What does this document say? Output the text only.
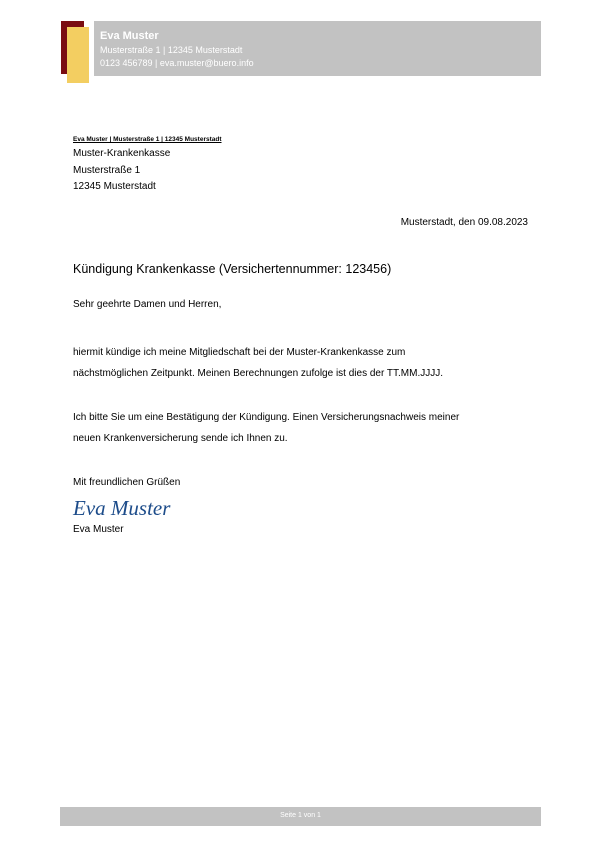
Eva Muster
Musterstraße 1 | 12345 Musterstadt
0123 456789 | eva.muster@buero.info
Eva Muster | Musterstraße 1 | 12345 Musterstadt
Muster-Krankenkasse
Musterstraße 1
12345 Musterstadt
Musterstadt, den 09.08.2023
Kündigung Krankenkasse (Versichertennummer: 123456)
Sehr geehrte Damen und Herren,
hiermit kündige ich meine Mitgliedschaft bei der Muster-Krankenkasse zum
nächstmöglichen Zeitpunkt. Meinen Berechnungen zufolge ist dies der TT.MM.JJJJ.
Ich bitte Sie um eine Bestätigung der Kündigung. Einen Versicherungsnachweis meiner
neuen Krankenversicherung sende ich Ihnen zu.
Mit freundlichen Grüßen
Eva Muster
Eva Muster
Seite 1 von 1
